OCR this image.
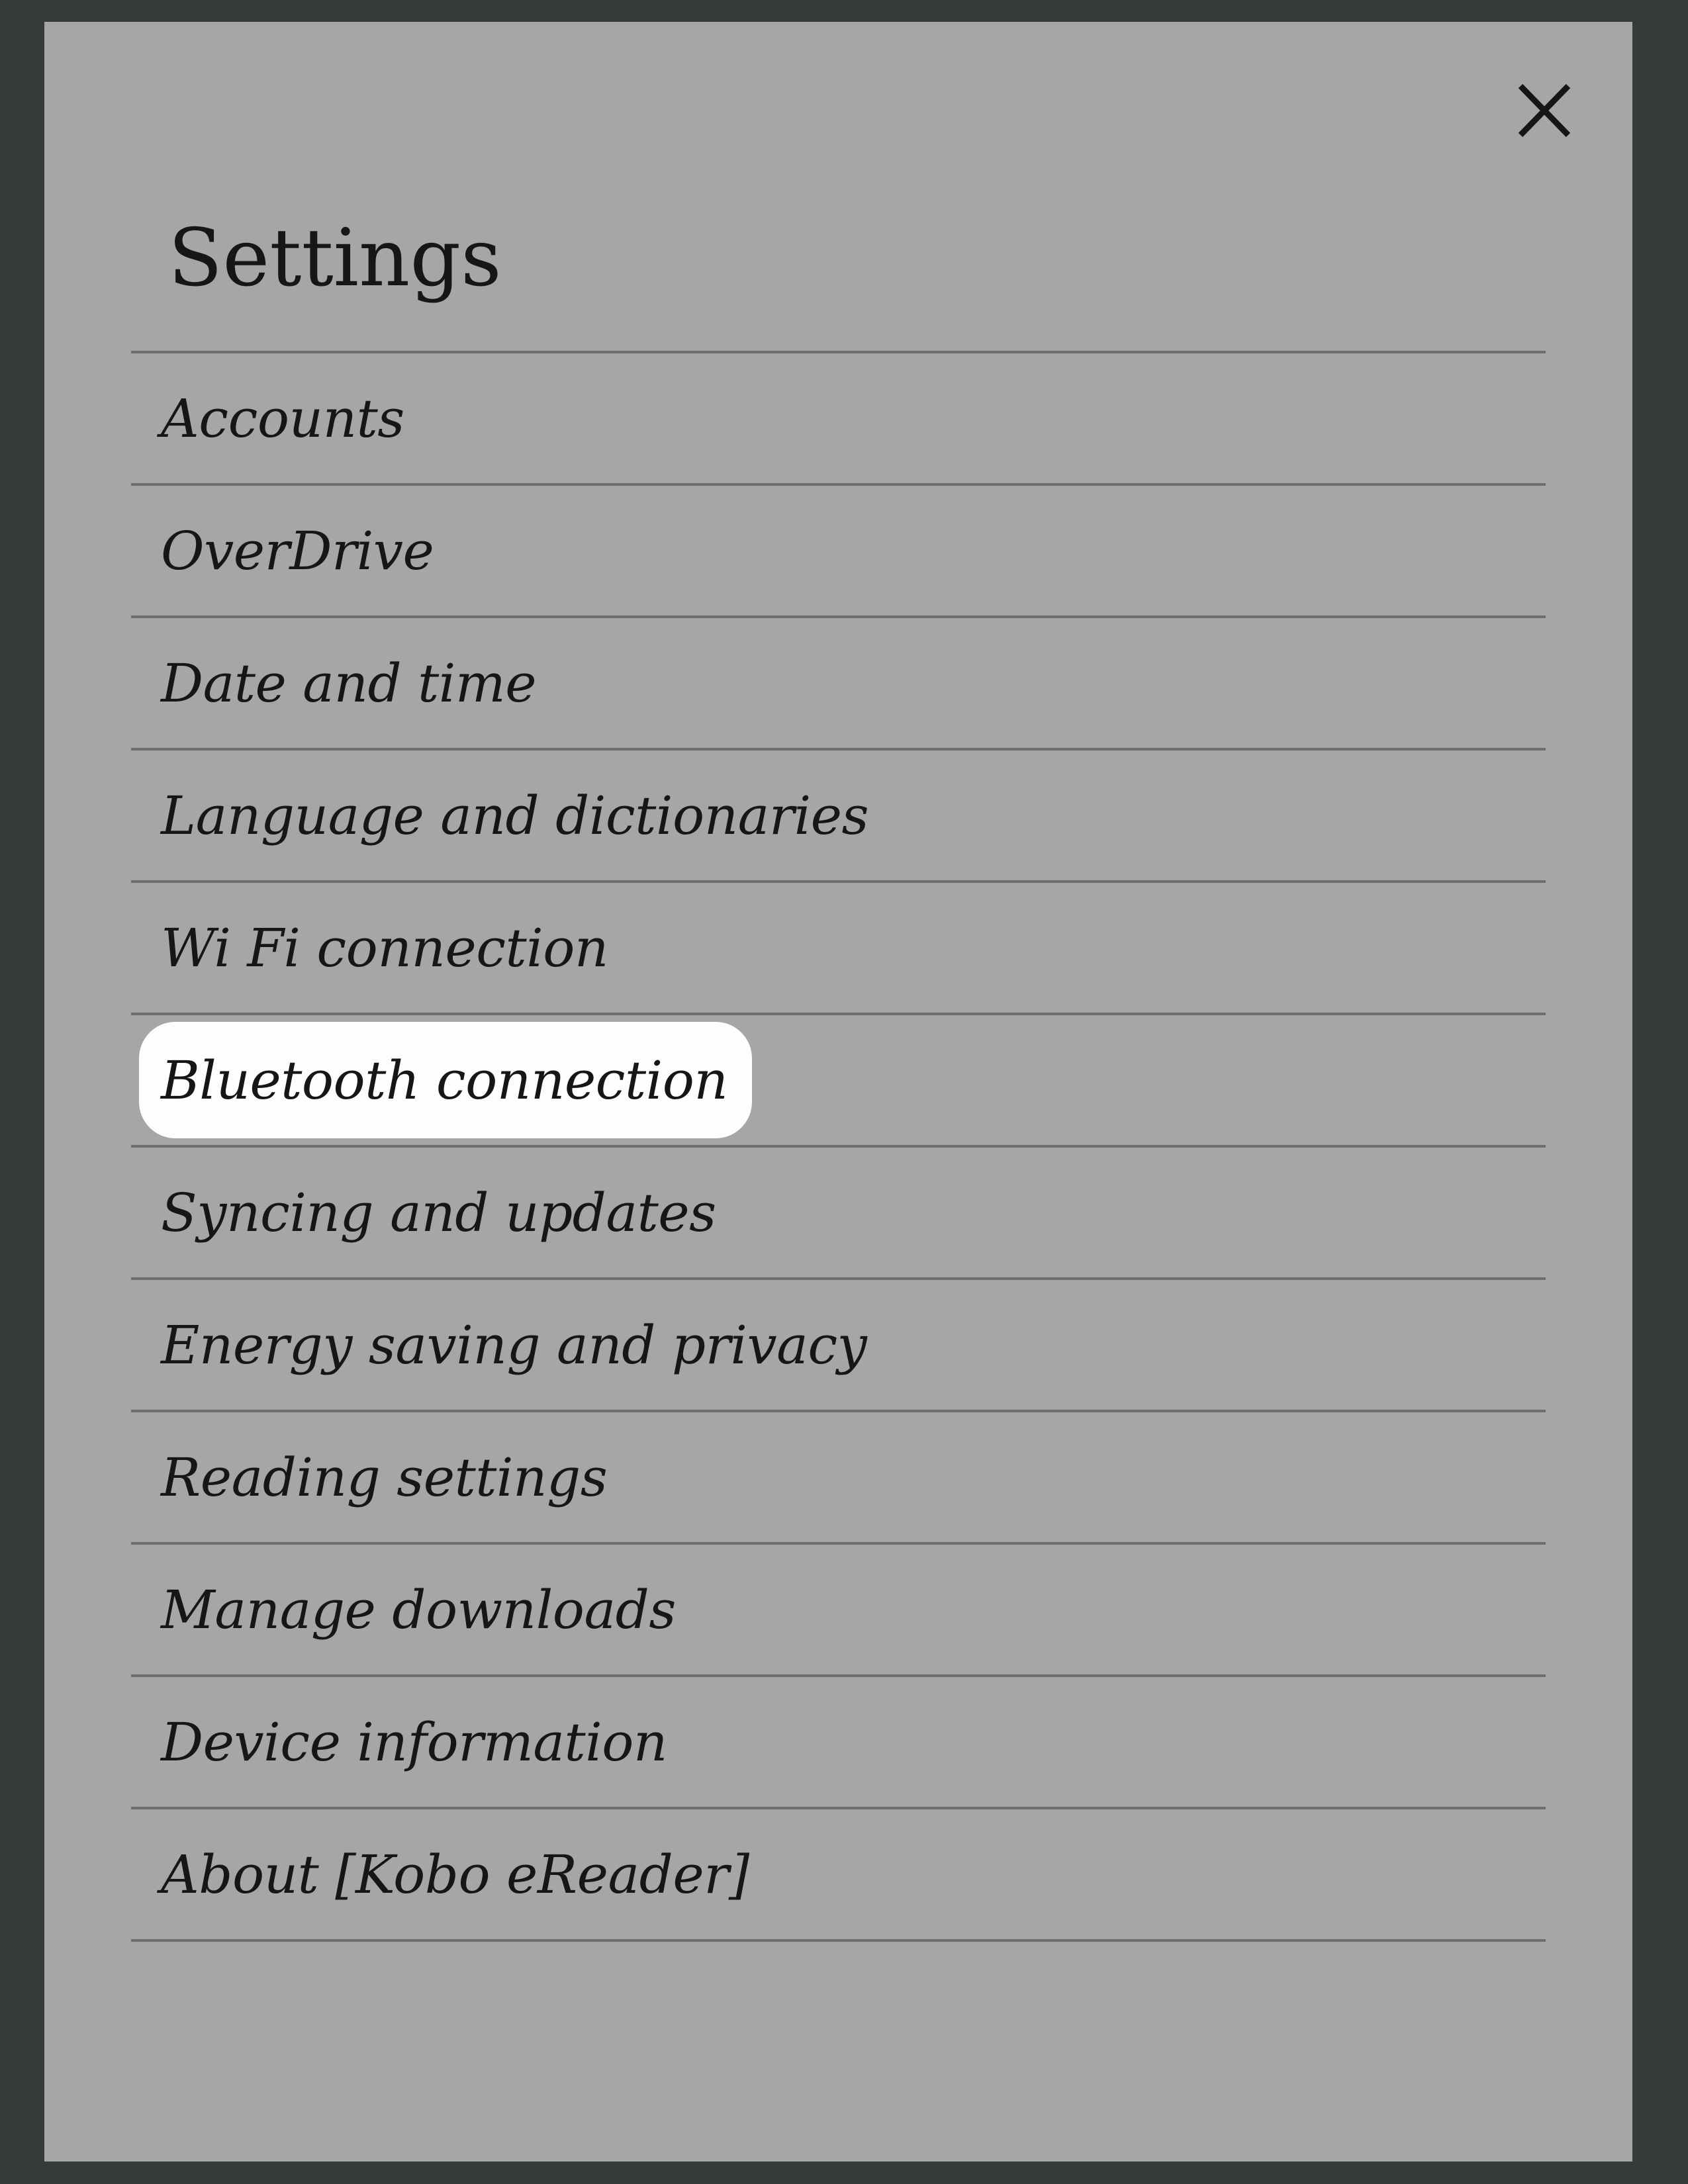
Settings
Accounts
OverDrive
Date and time
Language and dictionaries
Wi Fi connection
Bluetooth connection
Syncing and updates
Energy saving and privacy
Reading settings
Manage downloads
Device information
About [Kobo eReader]
